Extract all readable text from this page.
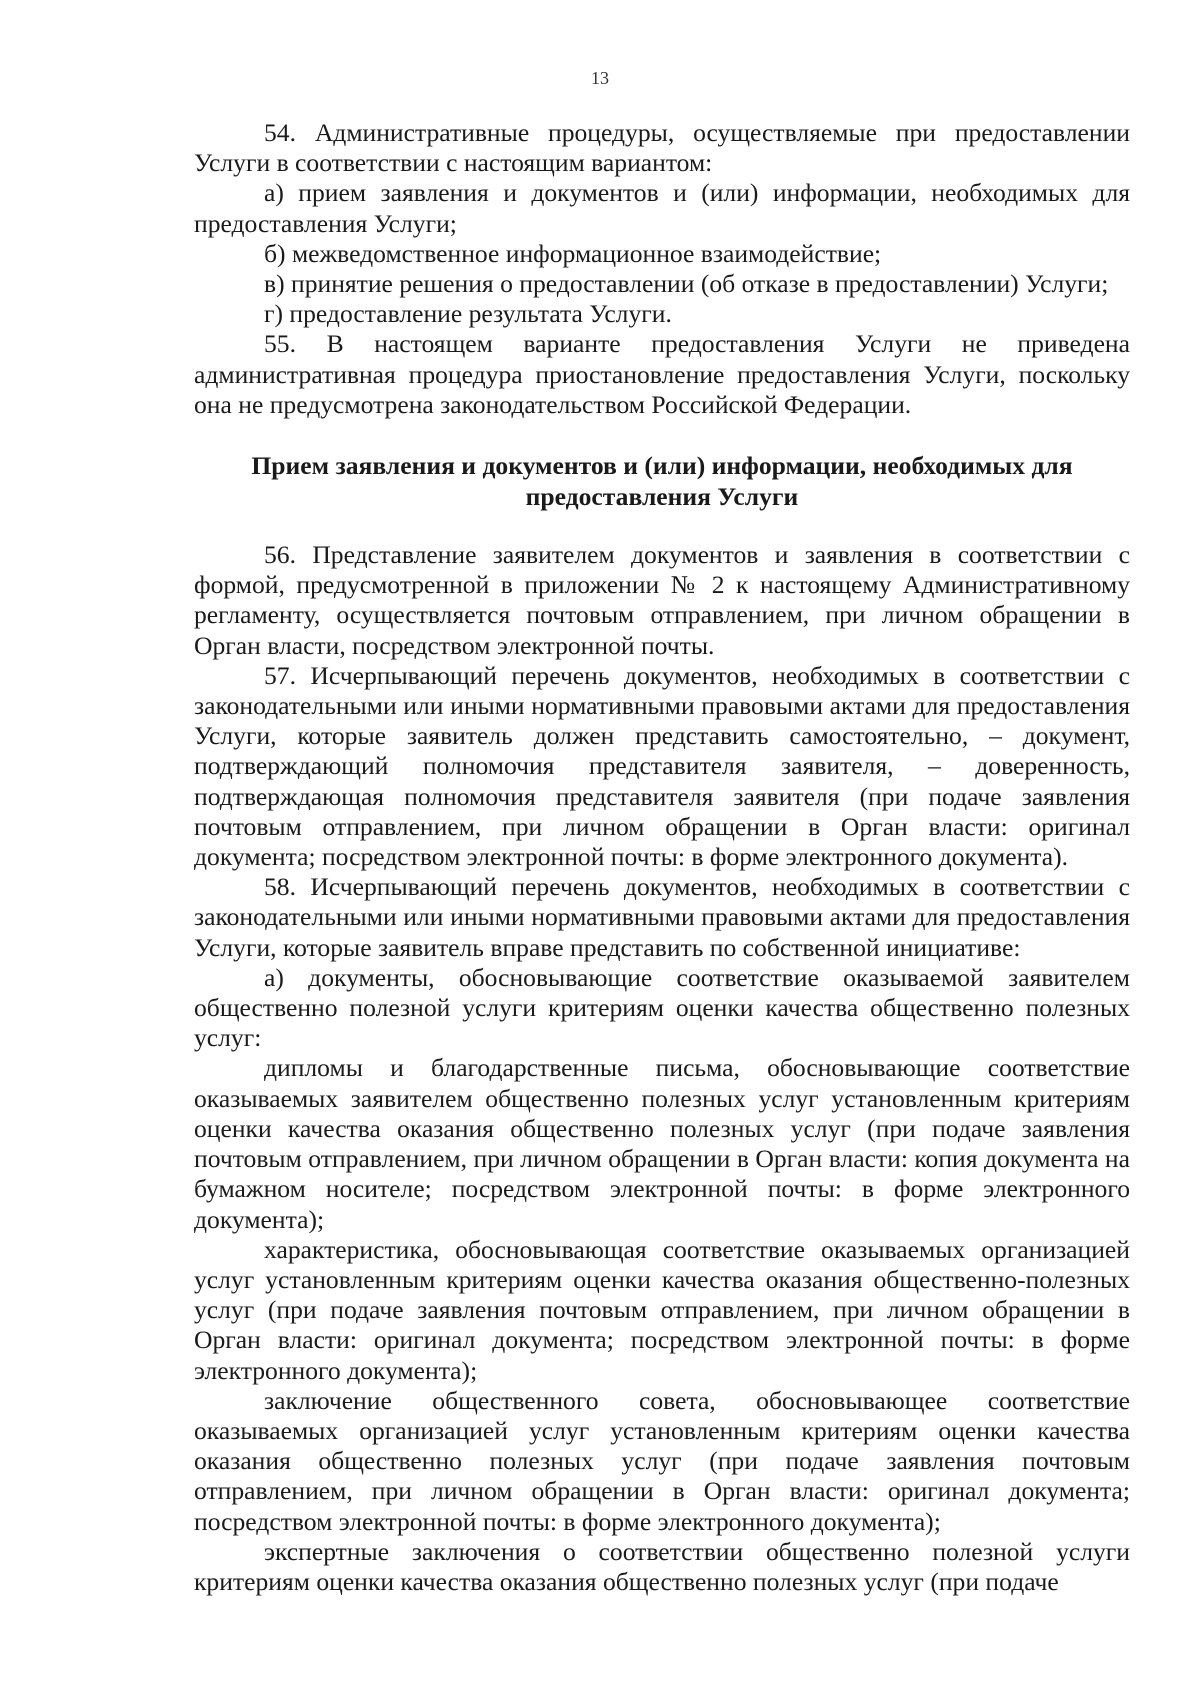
13

54. Административные процедуры, осуществляемые при предоставлении Услуги в соответствии с настоящим вариантом:

а) прием заявления и документов и (или) информации, необходимых для предоставления Услуги;

б) межведомственное информационное взаимодействие;

в) принятие решения о предоставлении (об отказе в предоставлении) Услуги;

г) предоставление результата Услуги.

55. В настоящем варианте предоставления Услуги не приведена административная процедура приостановление предоставления Услуги, поскольку она не предусмотрена законодательством Российской Федерации.

Прием заявления и документов и (или) информации, необходимых для предоставления Услуги

56. Представление заявителем документов и заявления в соответствии с формой, предусмотренной в приложении № 2 к настоящему Административному регламенту, осуществляется почтовым отправлением, при личном обращении в Орган власти, посредством электронной почты.

57. Исчерпывающий перечень документов, необходимых в соответствии с законодательными или иными нормативными правовыми актами для предоставления Услуги, которые заявитель должен представить самостоятельно, – документ, подтверждающий полномочия представителя заявителя, – доверенность, подтверждающая полномочия представителя заявителя (при подаче заявления почтовым отправлением, при личном обращении в Орган власти: оригинал документа; посредством электронной почты: в форме электронного документа).

58. Исчерпывающий перечень документов, необходимых в соответствии с законодательными или иными нормативными правовыми актами для предоставления Услуги, которые заявитель вправе представить по собственной инициативе:

а) документы, обосновывающие соответствие оказываемой заявителем общественно полезной услуги критериям оценки качества общественно полезных услуг:

дипломы и благодарственные письма, обосновывающие соответствие оказываемых заявителем общественно полезных услуг установленным критериям оценки качества оказания общественно полезных услуг (при подаче заявления почтовым отправлением, при личном обращении в Орган власти: копия документа на бумажном носителе; посредством электронной почты: в форме электронного документа);

характеристика, обосновывающая соответствие оказываемых организацией услуг установленным критериям оценки качества оказания общественно-полезных услуг (при подаче заявления почтовым отправлением, при личном обращении в Орган власти: оригинал документа; посредством электронной почты: в форме электронного документа);

заключение общественного совета, обосновывающее соответствие оказываемых организацией услуг установленным критериям оценки качества оказания общественно полезных услуг (при подаче заявления почтовым отправлением, при личном обращении в Орган власти: оригинал документа; посредством электронной почты: в форме электронного документа);

экспертные заключения о соответствии общественно полезной услуги критериям оценки качества оказания общественно полезных услуг (при подаче
